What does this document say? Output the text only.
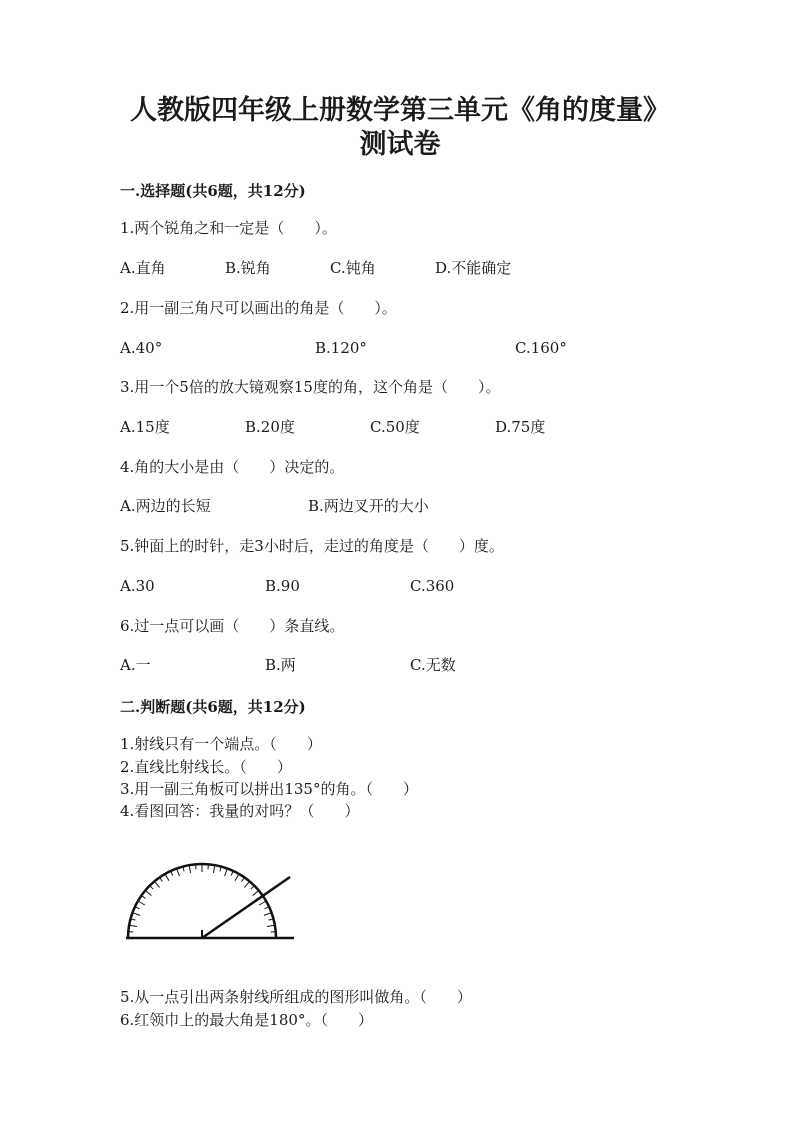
人教版四年级上册数学第三单元《角的度量》测试卷
一.选择题(共6题，共12分)
1.两个锐角之和一定是（　　）。
A.直角	B.锐角	C.钝角	D.不能确定
2.用一副三角尺可以画出的角是（　　）。
A.40°	B.120°	C.160°
3.用一个5倍的放大镜观察15度的角，这个角是（　　）。
A.15度	B.20度	C.50度	D.75度
4.角的大小是由（　　）决定的。
A.两边的长短	B.两边叉开的大小
5.钟面上的时针，走3小时后，走过的角度是（　　）度。
A.30	B.90	C.360
6.过一点可以画（　　）条直线。
A.一	B.两	C.无数
二.判断题(共6题，共12分)
1.射线只有一个端点。（　　）
2.直线比射线长。（　　）
3.用一副三角板可以拼出135°的角。（　　）
4.看图回答：我量的对吗？（　　）
5.从一点引出两条射线所组成的图形叫做角。（　　）
6.红领巾上的最大角是180°。（　　）
